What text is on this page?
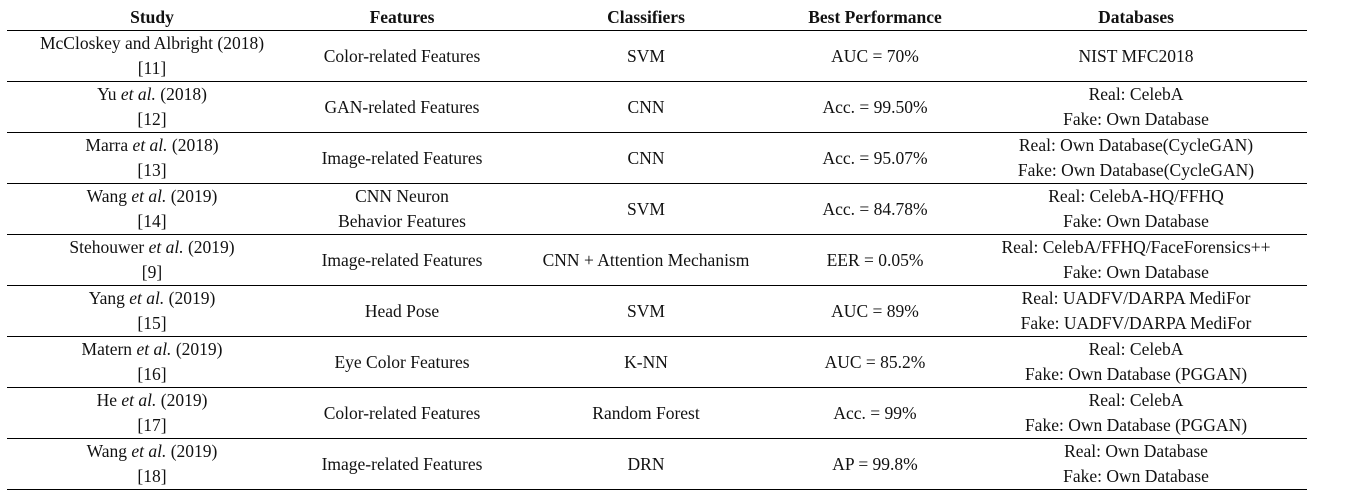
Study	Features	Classifiers	Best Performance	Databases

McCloskey and Albright (2018)
[11]	Color-related Features	SVM	AUC = 70%	NIST MFC2018

Yu et al. (2018)
[12]	GAN-related Features	CNN	Acc. = 99.50%	Real: CelebA
Fake: Own Database

Marra et al. (2018)
[13]	Image-related Features	CNN	Acc. = 95.07%	Real: Own Database(CycleGAN)
Fake: Own Database(CycleGAN)

Wang et al. (2019)
[14]	CNN Neuron
Behavior Features	SVM	Acc. = 84.78%	Real: CelebA-HQ/FFHQ
Fake: Own Database

Stehouwer et al. (2019)
[9]	Image-related Features	CNN + Attention Mechanism	EER = 0.05%	Real: CelebA/FFHQ/FaceForensics++
Fake: Own Database

Yang et al. (2019)
[15]	Head Pose	SVM	AUC = 89%	Real: UADFV/DARPA MediFor
Fake: UADFV/DARPA MediFor

Matern et al. (2019)
[16]	Eye Color Features	K-NN	AUC = 85.2%	Real: CelebA
Fake: Own Database (PGGAN)

He et al. (2019)
[17]	Color-related Features	Random Forest	Acc. = 99%	Real: CelebA
Fake: Own Database (PGGAN)

Wang et al. (2019)
[18]	Image-related Features	DRN	AP = 99.8%	Real: Own Database
Fake: Own Database
